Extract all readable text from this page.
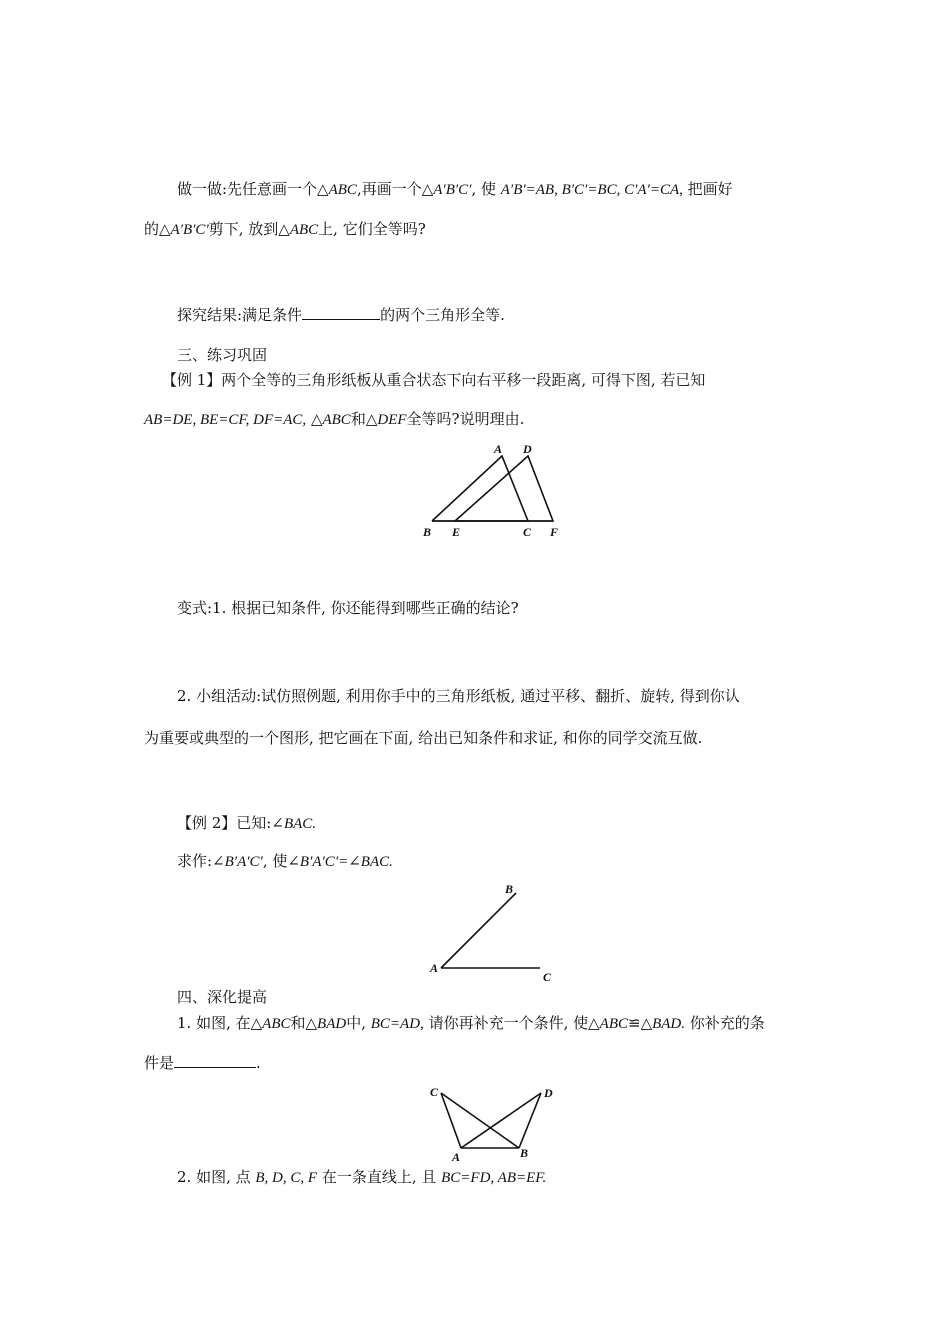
做一做:先任意画一个△ABC,再画一个△A′B′C′, 使 A′B′=AB, B′C′=BC, C′A′=CA, 把画好
的△A′B′C′剪下, 放到△ABC上, 它们全等吗?
探究结果:满足条件	的两个三角形全等.
三、练习巩固
【例 1】两个全等的三角形纸板从重合状态下向右平移一段距离, 可得下图, 若已知
AB=DE, BE=CF, DF=AC, △ABC和△DEF全等吗?说明理由.
A D
B E	C F
变式:1. 根据已知条件, 你还能得到哪些正确的结论?
2. 小组活动:试仿照例题, 利用你手中的三角形纸板, 通过平移、翻折、旋转, 得到你认
为重要或典型的一个图形, 把它画在下面, 给出已知条件和求证, 和你的同学交流互做.
【例 2】已知:∠BAC.
求作:∠B′A′C′, 使∠B′A′C′=∠BAC.
A
B
C
四、深化提高
1. 如图, 在△ABC和△BAD中, BC=AD, 请你再补充一个条件, 使△ABC≌△BAD. 你补充的条
件是	.
C	D
A	B
2. 如图, 点 B, D, C, F 在一条直线上, 且 BC=FD, AB=EF.
